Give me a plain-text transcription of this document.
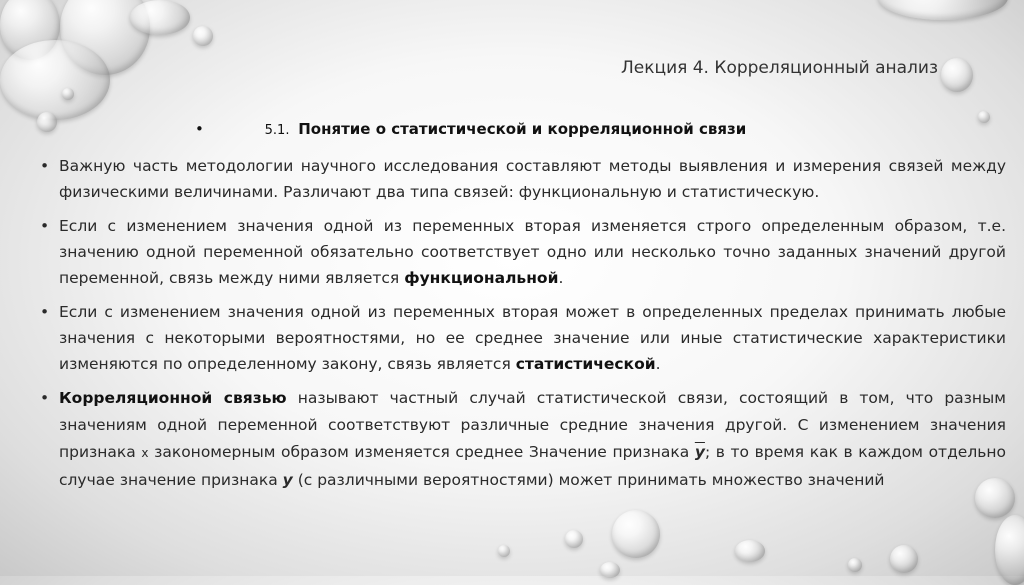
Лекция 4. Корреляционный анализ
•	5.1. Понятие о статистической и корреляционной связи
• Важную часть методологии научного исследования составляют методы выявления и измерения связей между физическими величинами. Различают два типа связей: функциональную и статистическую.
• Если с изменением значения одной из переменных вторая изменяется строго определенным образом, т.е. значению одной переменной обязательно соответствует одно или несколько точно заданных значений другой переменной, связь между ними является функциональной.
• Если с изменением значения одной из переменных вторая может в определенных пределах принимать любые значения с некоторыми вероятностями, но ее среднее значение или иные статистические характеристики изменяются по определенному закону, связь является статистической.
• Корреляционной связью называют частный случай статистической связи, состоящий в том, что разным значениям одной переменной соответствуют различные средние значения другой. С изменением значения признака x закономерным образом изменяется среднее Значение признака $\overline{y}$; в то время как в каждом отдельно случае значение признака y (с различными вероятностями) может принимать множество значений
